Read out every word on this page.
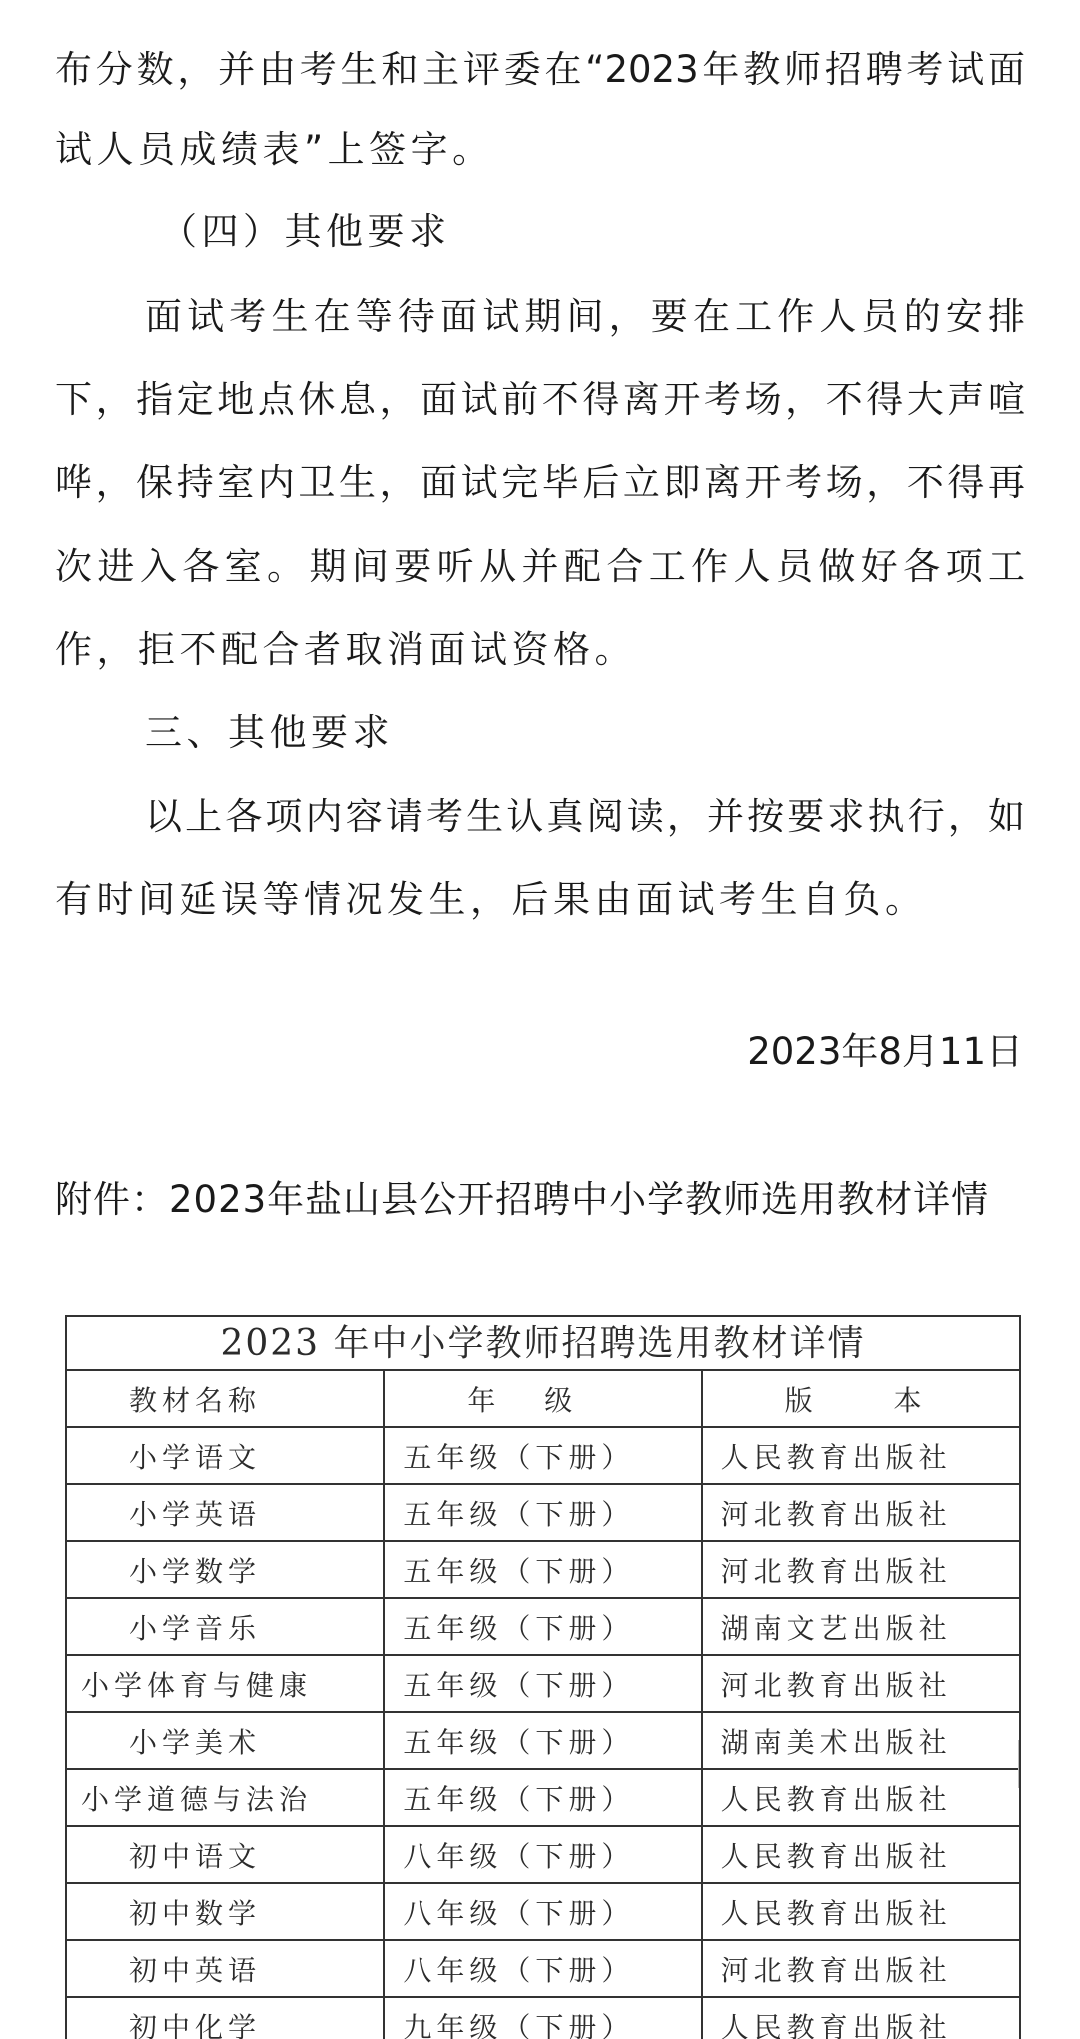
布分数，并由考生和主评委在“2023年教师招聘考试面
试人员成绩表”上签字。
（四）其他要求
面试考生在等待面试期间，要在工作人员的安排
下，指定地点休息，面试前不得离开考场，不得大声喧
哗，保持室内卫生，面试完毕后立即离开考场，不得再
次进入各室。期间要听从并配合工作人员做好各项工
作，拒不配合者取消面试资格。
三、其他要求
以上各项内容请考生认真阅读，并按要求执行，如
有时间延误等情况发生，后果由面试考生自负。
2023年8月11日
附件：2023年盐山县公开招聘中小学教师选用教材详情
2023 年中小学教师招聘选用教材详情
教材名称	年 级	版 本
小学语文	五年级（下册）	人民教育出版社
小学英语	五年级（下册）	河北教育出版社
小学数学	五年级（下册）	河北教育出版社
小学音乐	五年级（下册）	湖南文艺出版社
小学体育与健康	五年级（下册）	河北教育出版社
小学美术	五年级（下册）	湖南美术出版社
小学道德与法治	五年级（下册）	人民教育出版社
初中语文	八年级（下册）	人民教育出版社
初中数学	八年级（下册）	人民教育出版社
初中英语	八年级（下册）	河北教育出版社
初中化学	九年级（下册）	人民教育出版社
